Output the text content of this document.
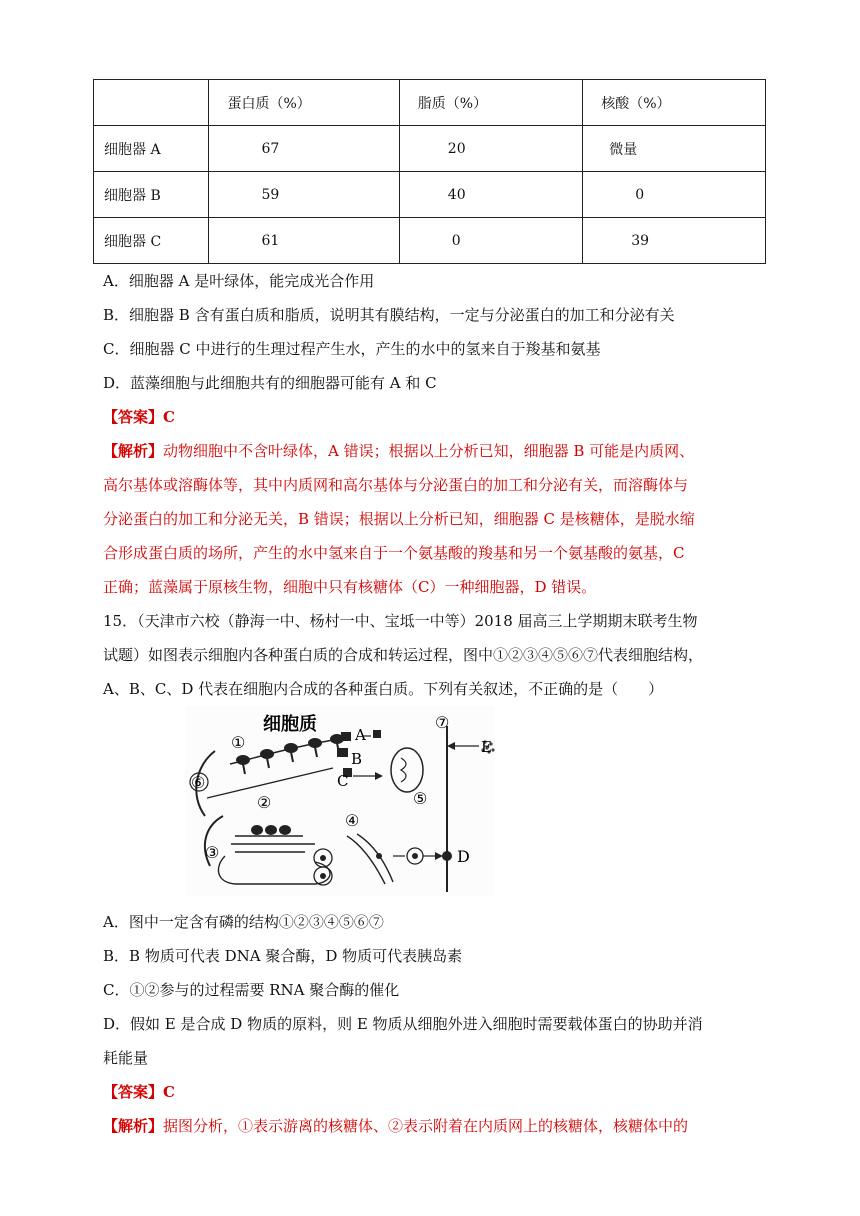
	蛋白质（%）	脂质（%）	核酸（%）
细胞器 A	67	20	微量
细胞器 B	59	40	0
细胞器 C	61	0	39
A．细胞器 A 是叶绿体，能完成光合作用
B．细胞器 B 含有蛋白质和脂质，说明其有膜结构，一定与分泌蛋白的加工和分泌有关
C．细胞器 C 中进行的生理过程产生水，产生的水中的氢来自于羧基和氨基
D．蓝藻细胞与此细胞共有的细胞器可能有 A 和 C
【答案】C
【解析】动物细胞中不含叶绿体，A 错误；根据以上分析已知，细胞器 B 可能是内质网、
高尔基体或溶酶体等，其中内质网和高尔基体与分泌蛋白的加工和分泌有关，而溶酶体与
分泌蛋白的加工和分泌无关，B 错误；根据以上分析已知，细胞器 C 是核糖体，是脱水缩
合形成蛋白质的场所，产生的水中氢来自于一个氨基酸的羧基和另一个氨基酸的氨基，C
正确；蓝藻属于原核生物，细胞中只有核糖体（C）一种细胞器，D 错误。
15．（天津市六校（静海一中、杨村一中、宝坻一中等）2018 届高三上学期期末联考生物
试题）如图表示细胞内各种蛋白质的合成和转运过程，图中①②③④⑤⑥⑦代表细胞结构，
A、B、C、D 代表在细胞内合成的各种蛋白质。下列有关叙述，不正确的是（　　）
⑦
细胞质
①
⑥
A
B
C
⑤
②
③
④
D
E
A．图中一定含有磷的结构①②③④⑤⑥⑦
B．B 物质可代表 DNA 聚合酶，D 物质可代表胰岛素
C．①②参与的过程需要 RNA 聚合酶的催化
D．假如 E 是合成 D 物质的原料，则 E 物质从细胞外进入细胞时需要载体蛋白的协助并消
耗能量
【答案】C
【解析】据图分析，①表示游离的核糖体、②表示附着在内质网上的核糖体，核糖体中的
